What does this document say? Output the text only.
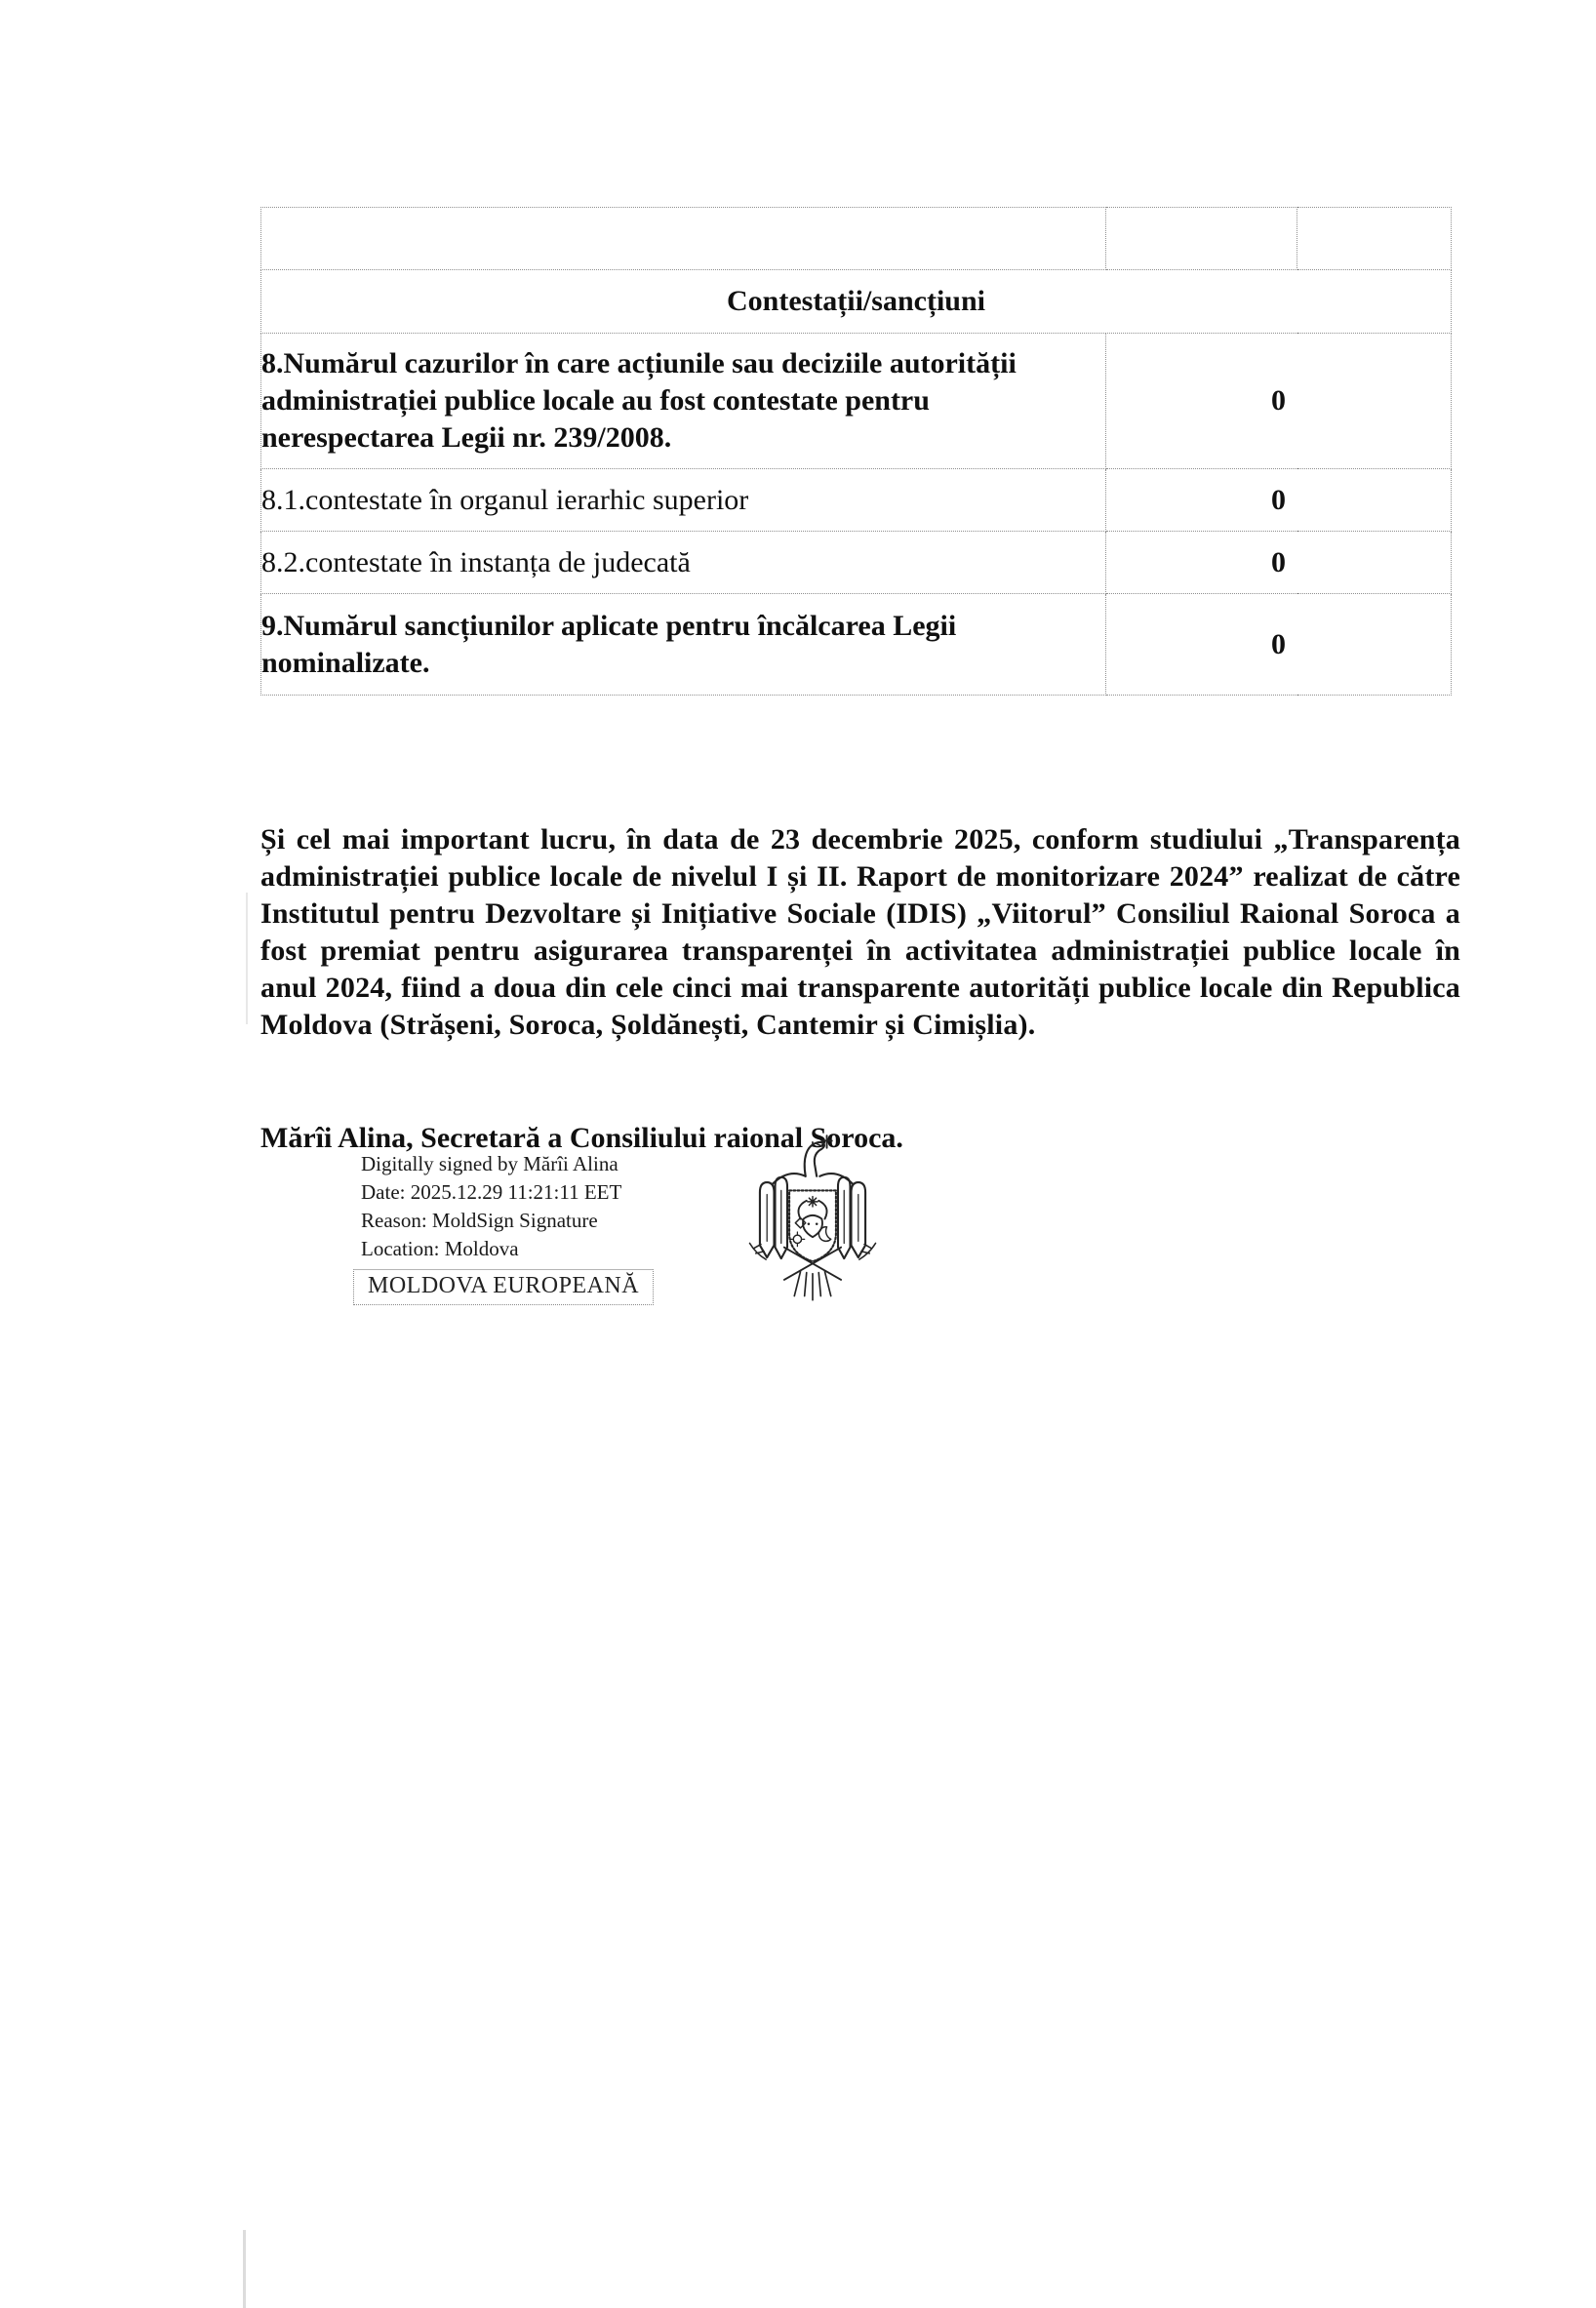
Contestații/sancțiuni		
8.Numărul cazurilor în care acțiunile sau deciziile autorității administrației publice locale au fost contestate pentru nerespectarea Legii nr. 239/2008.	0	
8.1.contestate în organul ierarhic superior	0	
8.2.contestate în instanța de judecată	0	
9.Numărul sancțiunilor aplicate pentru încălcarea Legii nominalizate.	0	

Și cel mai important lucru, în data de 23 decembrie 2025, conform studiului „Transparența administrației publice locale de nivelul I și II. Raport de monitorizare 2024” realizat de către Institutul pentru Dezvoltare și Inițiative Sociale (IDIS) „Viitorul” Consiliul Raional Soroca a fost premiat pentru asigurarea transparenței în activitatea administrației publice locale în anul 2024, fiind a doua din cele cinci mai transparente autorități publice locale din Republica Moldova (Strășeni, Soroca, Șoldănești, Cantemir și Cimișlia).

Mărîi Alina, Secretară a Consiliului raional Soroca.

Digitally signed by Mărîi Alina
Date: 2025.12.29 11:21:11 EET
Reason: MoldSign Signature
Location: Moldova
MOLDOVA EUROPEANĂ
